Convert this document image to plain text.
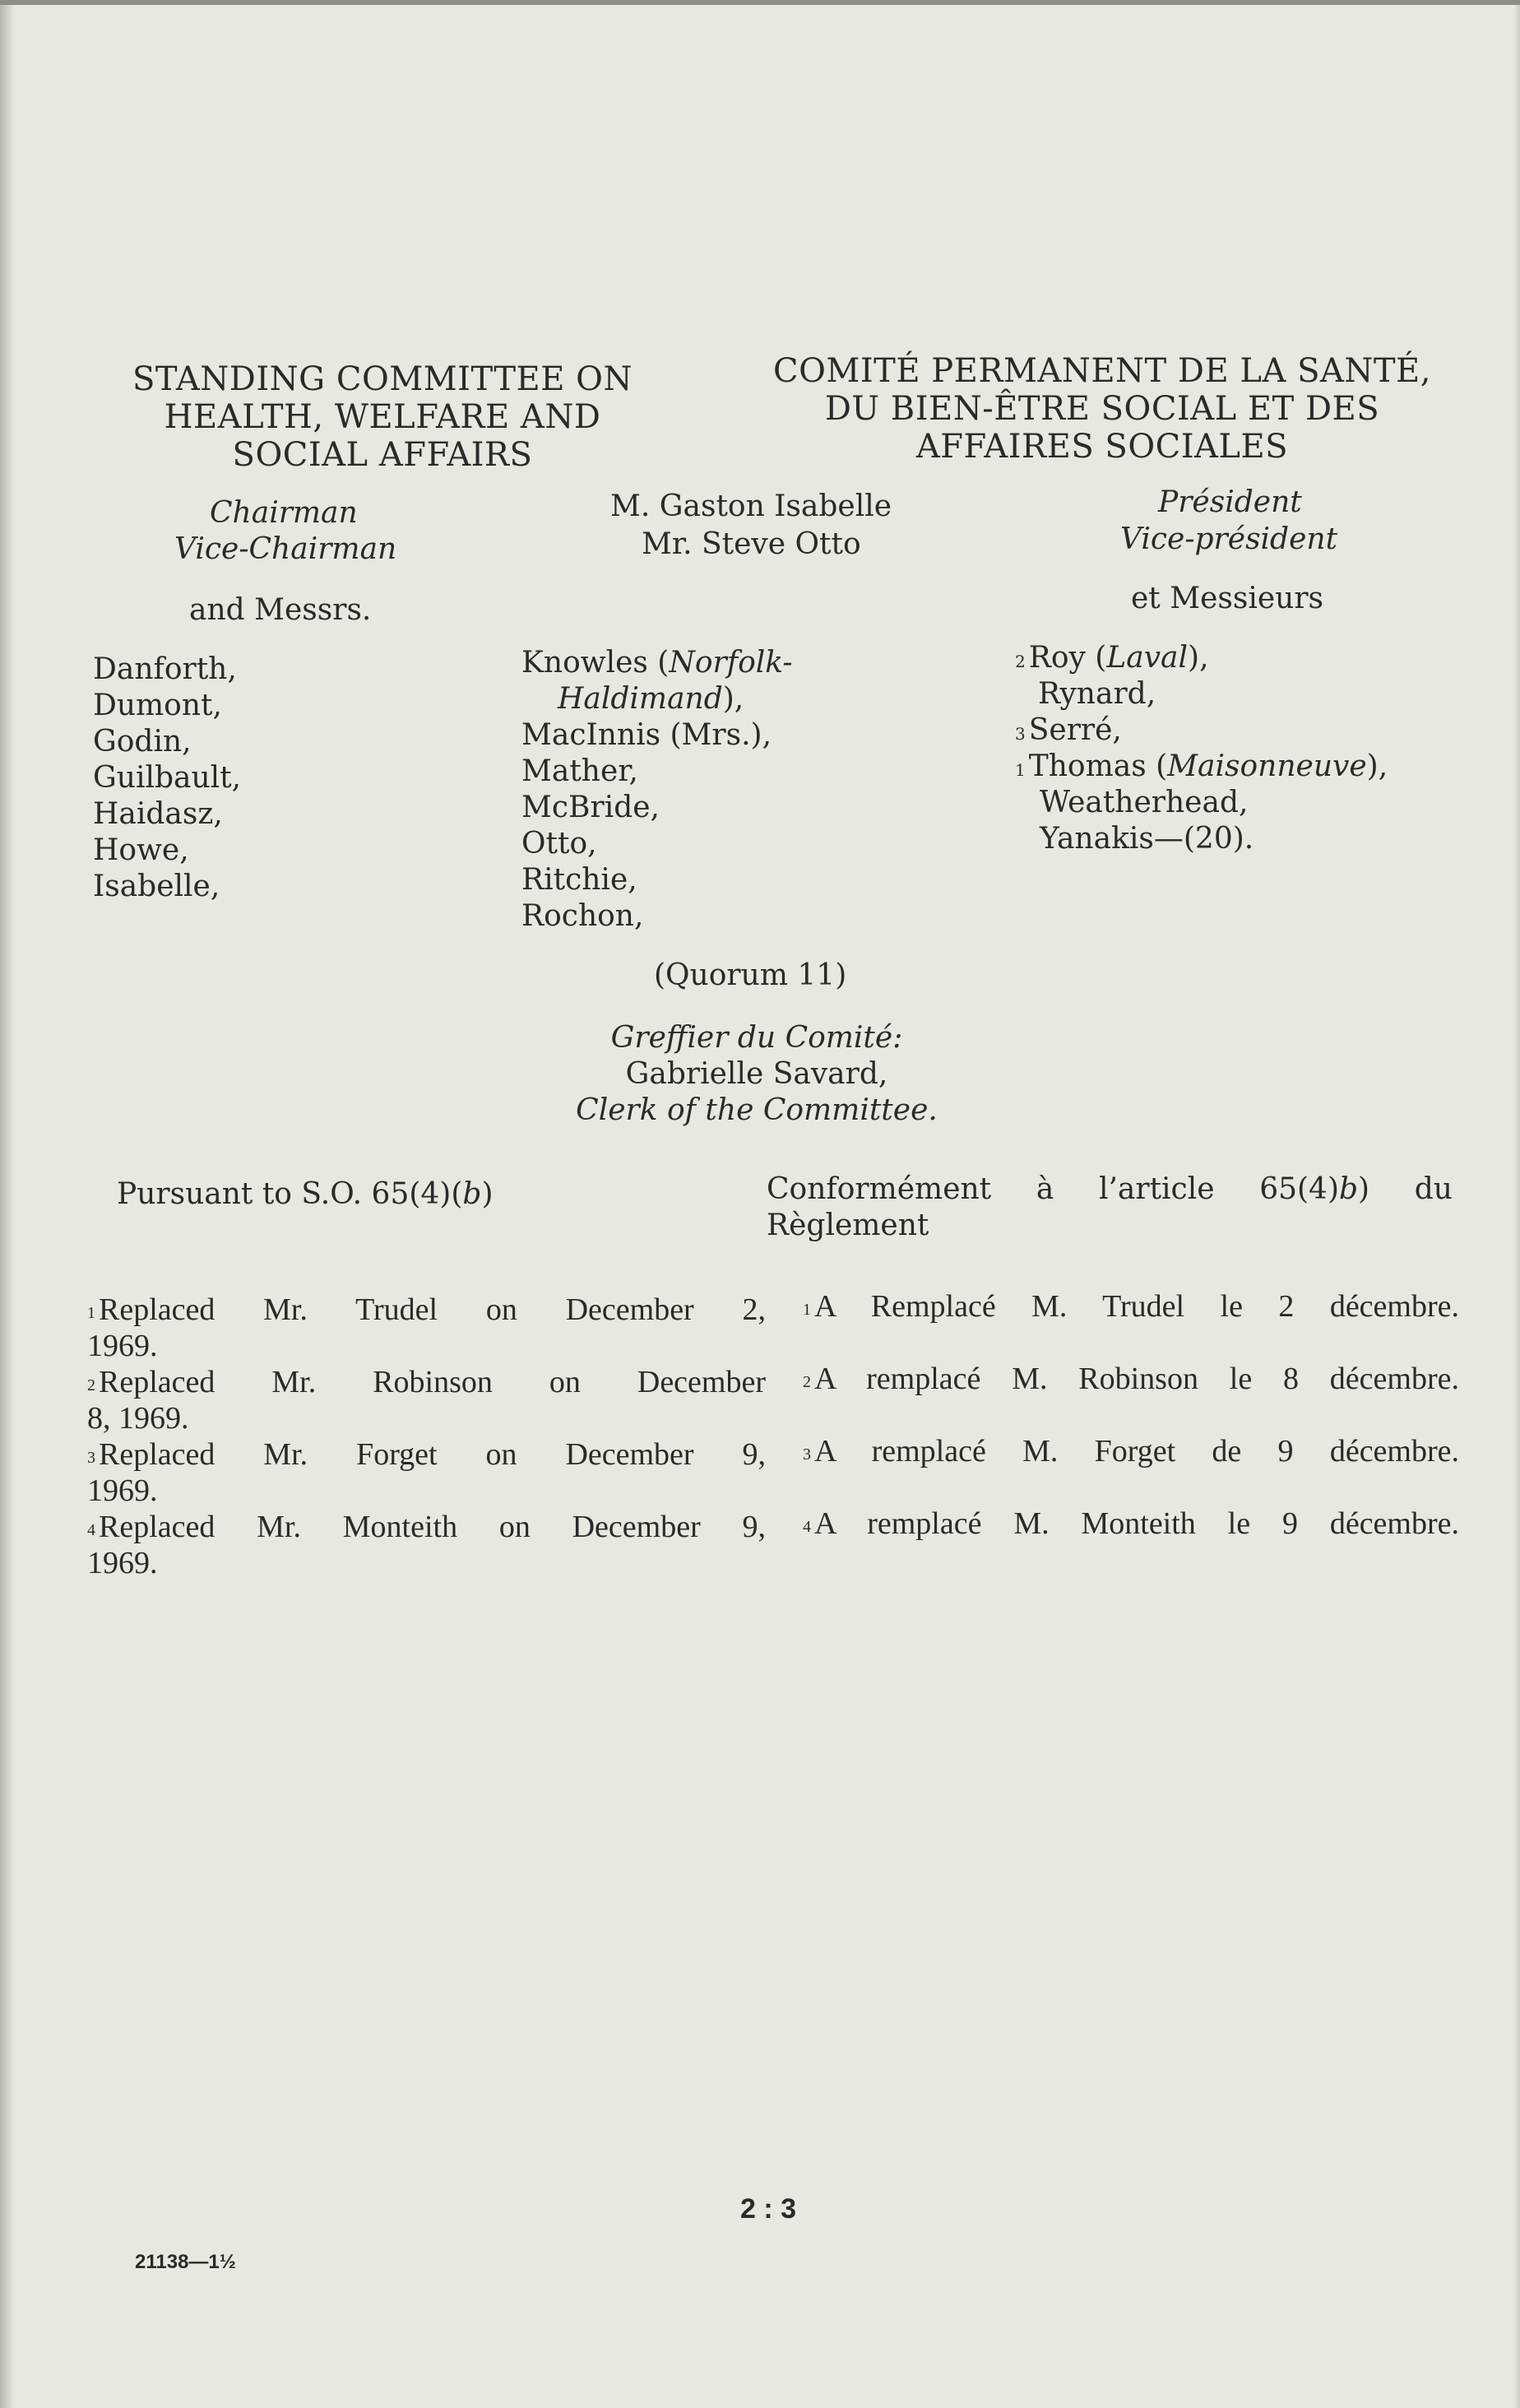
STANDING COMMITTEE ON
HEALTH, WELFARE AND
SOCIAL AFFAIRS
COMITÉ PERMANENT DE LA SANTÉ,
DU BIEN-ÊTRE SOCIAL ET DES
AFFAIRES SOCIALES
Chairman
Vice-Chairman
M. Gaston Isabelle
Mr. Steve Otto
Président
Vice-président
and Messrs.	et Messieurs
Danforth,
Dumont,
Godin,
Guilbault,
Haidasz,
Howe,
Isabelle,
Knowles (Norfolk-
Haldimand),
MacInnis (Mrs.),
Mather,
McBride,
Otto,
Ritchie,
Rochon,
$^2$ Roy (Laval),
Rynard,
$^3$ Serré,
$^1$ Thomas (Maisonneuve),
Weatherhead,
Yanakis—(20).
(Quorum 11)
Greffier du Comité:
Gabrielle Savard,
Clerk of the Committee.
Pursuant to S.O. 65(4)(b)	Conformément à l’article 65(4)b) du
Règlement
$^1$ Replaced Mr. Trudel on December 2,
1969.
$^2$ Replaced Mr. Robinson on December
8, 1969.
$^3$ Replaced Mr. Forget on December 9,
1969.
$^4$ Replaced Mr. Monteith on December 9,
1969.
$^1$ A Remplacé M. Trudel le 2 décembre.
$^2$ A remplacé M. Robinson le 8 décembre.
$^3$ A remplacé M. Forget de 9 décembre.
$^4$ A remplacé M. Monteith le 9 décembre.
2 : 3
21138—1½
